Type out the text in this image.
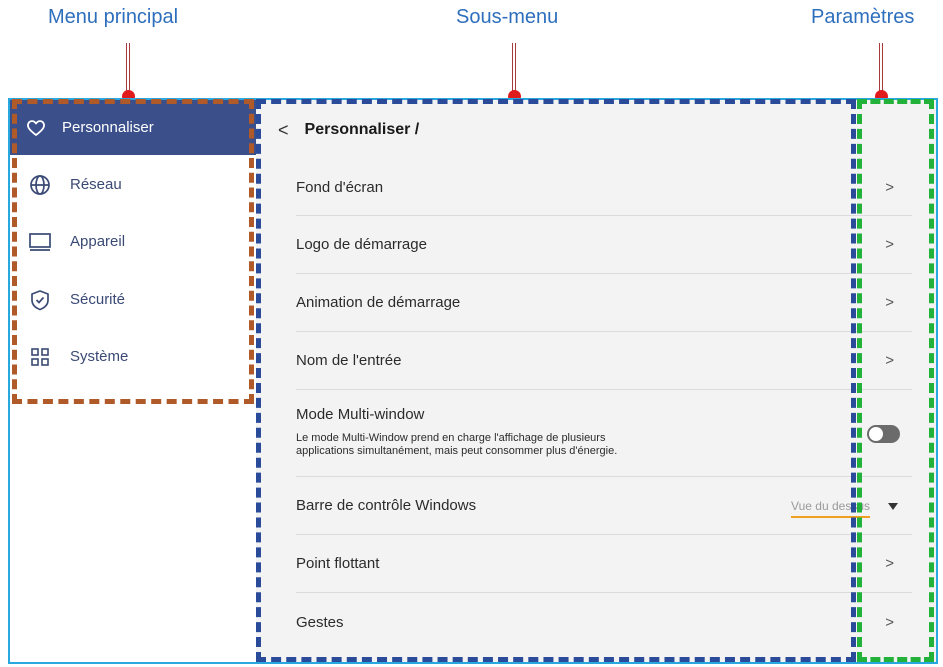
Menu principal	Sous-menu	Paramètres
Personnaliser
Réseau
Appareil
Sécurité
Système
< Personnaliser /
Fond d'écran	>
Logo de démarrage	>
Animation de démarrage	>
Nom de l'entrée	>
Mode Multi-window
Le mode Multi-Window prend en charge l'affichage de plusieurs
applications simultanément, mais peut consommer plus d'énergie.
Barre de contrôle Windows	Vue du dessus
Point flottant	>
Gestes	>
